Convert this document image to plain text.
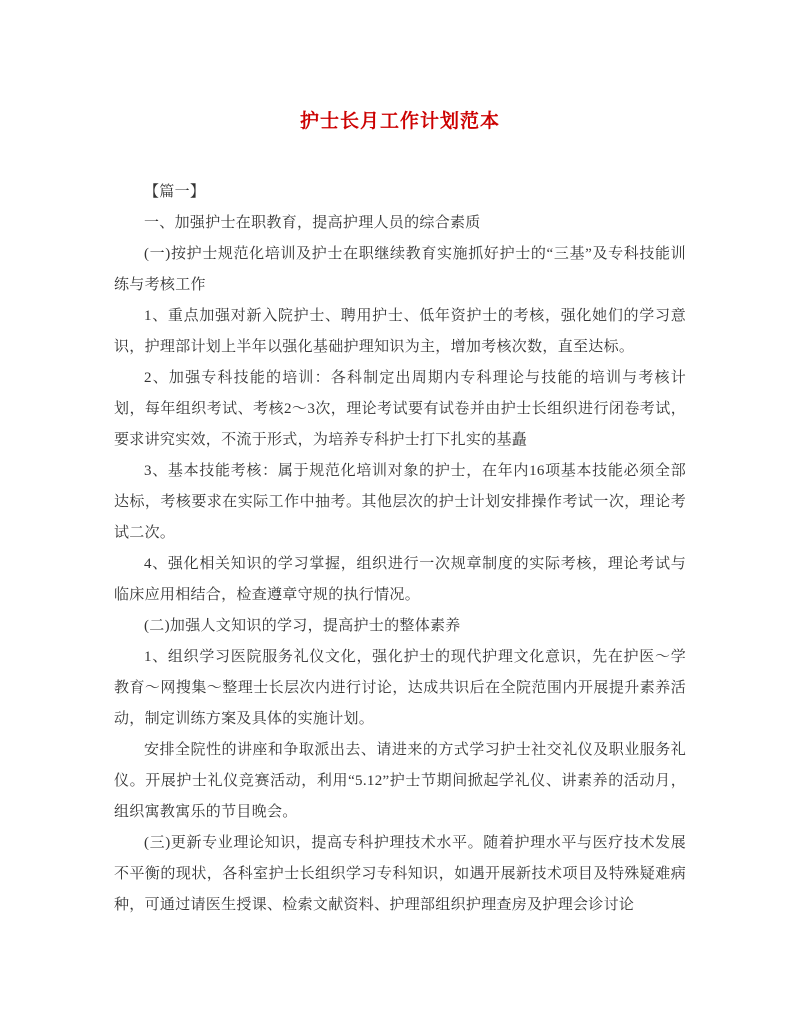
护士长月工作计划范本

【篇一】

一、加强护士在职教育，提高护理人员的综合素质

(一)按护士规范化培训及护士在职继续教育实施抓好护士的“三基”及专科技能训练与考核工作

1、重点加强对新入院护士、聘用护士、低年资护士的考核，强化她们的学习意识，护理部计划上半年以强化基础护理知识为主，增加考核次数，直至达标。

2、加强专科技能的培训：各科制定出周期内专科理论与技能的培训与考核计划，每年组织考试、考核2～3次，理论考试要有试卷并由护士长组织进行闭卷考试，要求讲究实效，不流于形式，为培养专科护士打下扎实的基矗

3、基本技能考核：属于规范化培训对象的护士，在年内16项基本技能必须全部达标，考核要求在实际工作中抽考。其他层次的护士计划安排操作考试一次，理论考试二次。

4、强化相关知识的学习掌握，组织进行一次规章制度的实际考核，理论考试与临床应用相结合，检查遵章守规的执行情况。

(二)加强人文知识的学习，提高护士的整体素养

1、组织学习医院服务礼仪文化，强化护士的现代护理文化意识，先在护医～学教育～网搜集～整理士长层次内进行讨论，达成共识后在全院范围内开展提升素养活动，制定训练方案及具体的实施计划。

安排全院性的讲座和争取派出去、请进来的方式学习护士社交礼仪及职业服务礼仪。开展护士礼仪竞赛活动，利用“5.12”护士节期间掀起学礼仪、讲素养的活动月，组织寓教寓乐的节目晚会。

(三)更新专业理论知识，提高专科护理技术水平。随着护理水平与医疗技术发展不平衡的现状，各科室护士长组织学习专科知识，如遇开展新技术项目及特殊疑难病种，可通过请医生授课、检索文献资料、护理部组织护理查房及护理会诊讨论
